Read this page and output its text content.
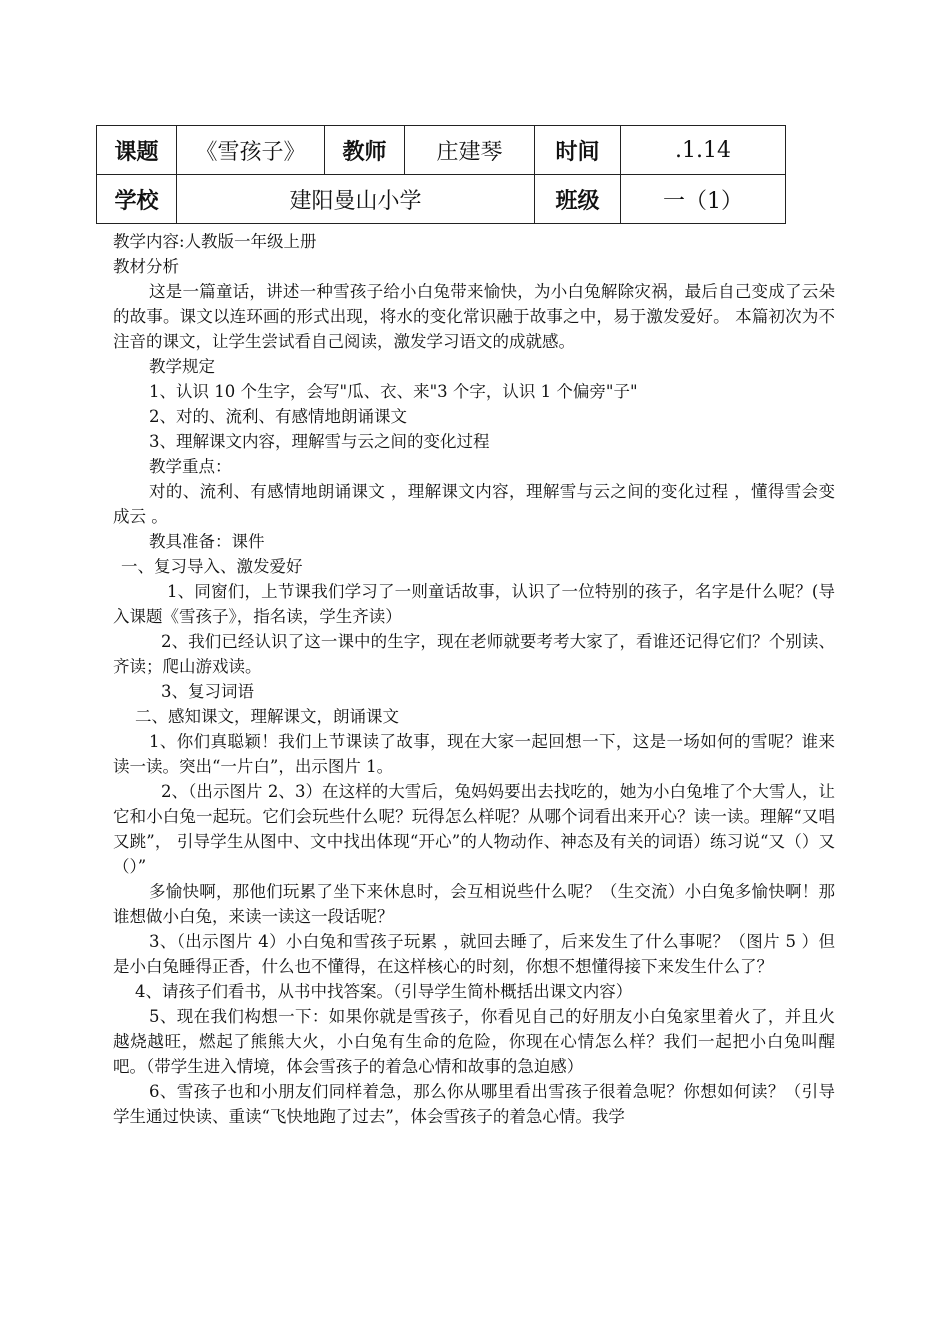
课题	《雪孩子》	教师	庄建琴	时间	.1.14
学校	建阳曼山小学			班级	一（1）

教学内容:人教版一年级上册

教材分析

这是一篇童话，讲述一种雪孩子给小白兔带来愉快，为小白兔解除灾祸，最后自己变成了云朵的故事。课文以连环画的形式出现，将水的变化常识融于故事之中，易于激发爱好。 本篇初次为不注音的课文，让学生尝试看自己阅读，激发学习语文的成就感。

教学规定

1、认识 10 个生字，会写"瓜、衣、来"3 个字，认识 1 个偏旁"子"

2、对的、流利、有感情地朗诵课文

3、理解课文内容，理解雪与云之间的变化过程

教学重点：

对的、流利、有感情地朗诵课文 ，理解课文内容，理解雪与云之间的变化过程 ，懂得雪会变成云 。

教具准备：课件

一、复习导入、激发爱好

1、同窗们，上节课我们学习了一则童话故事，认识了一位特别的孩子，名字是什么呢？(导入课题《雪孩子》，指名读，学生齐读）

2、我们已经认识了这一课中的生字，现在老师就要考考大家了，看谁还记得它们？个别读、齐读；爬山游戏读。

3、复习词语

二、感知课文，理解课文，朗诵课文

1、你们真聪颖！我们上节课读了故事，现在大家一起回想一下，这是一场如何的雪呢？谁来读一读。突出“一片白”，出示图片 1。

2、（出示图片 2、3）在这样的大雪后，兔妈妈要出去找吃的，她为小白兔堆了个大雪人，让它和小白兔一起玩。它们会玩些什么呢？玩得怎么样呢？从哪个词看出来开心？读一读。理解“又唱又跳”， 引导学生从图中、文中找出体现“开心”的人物动作、神态及有关的词语）练习说“又（）又（）”

多愉快啊，那他们玩累了坐下来休息时，会互相说些什么呢？（生交流）小白兔多愉快啊！那谁想做小白兔，来读一读这一段话呢？

3、（出示图片 4）小白兔和雪孩子玩累 ，就回去睡了，后来发生了什么事呢？（图片 5 ）但是小白兔睡得正香，什么也不懂得，在这样核心的时刻，你想不想懂得接下来发生什么了？

4、请孩子们看书，从书中找答案。（引导学生简朴概括出课文内容）

5、现在我们构想一下：如果你就是雪孩子，你看见自己的好朋友小白兔家里着火了，并且火越烧越旺，燃起了熊熊大火，小白兔有生命的危险，你现在心情怎么样？我们一起把小白兔叫醒吧。（带学生进入情境，体会雪孩子的着急心情和故事的急迫感）

6、雪孩子也和小朋友们同样着急，那么你从哪里看出雪孩子很着急呢？你想如何读？（引导学生通过快读、重读“飞快地跑了过去”，体会雪孩子的着急心情。我学
